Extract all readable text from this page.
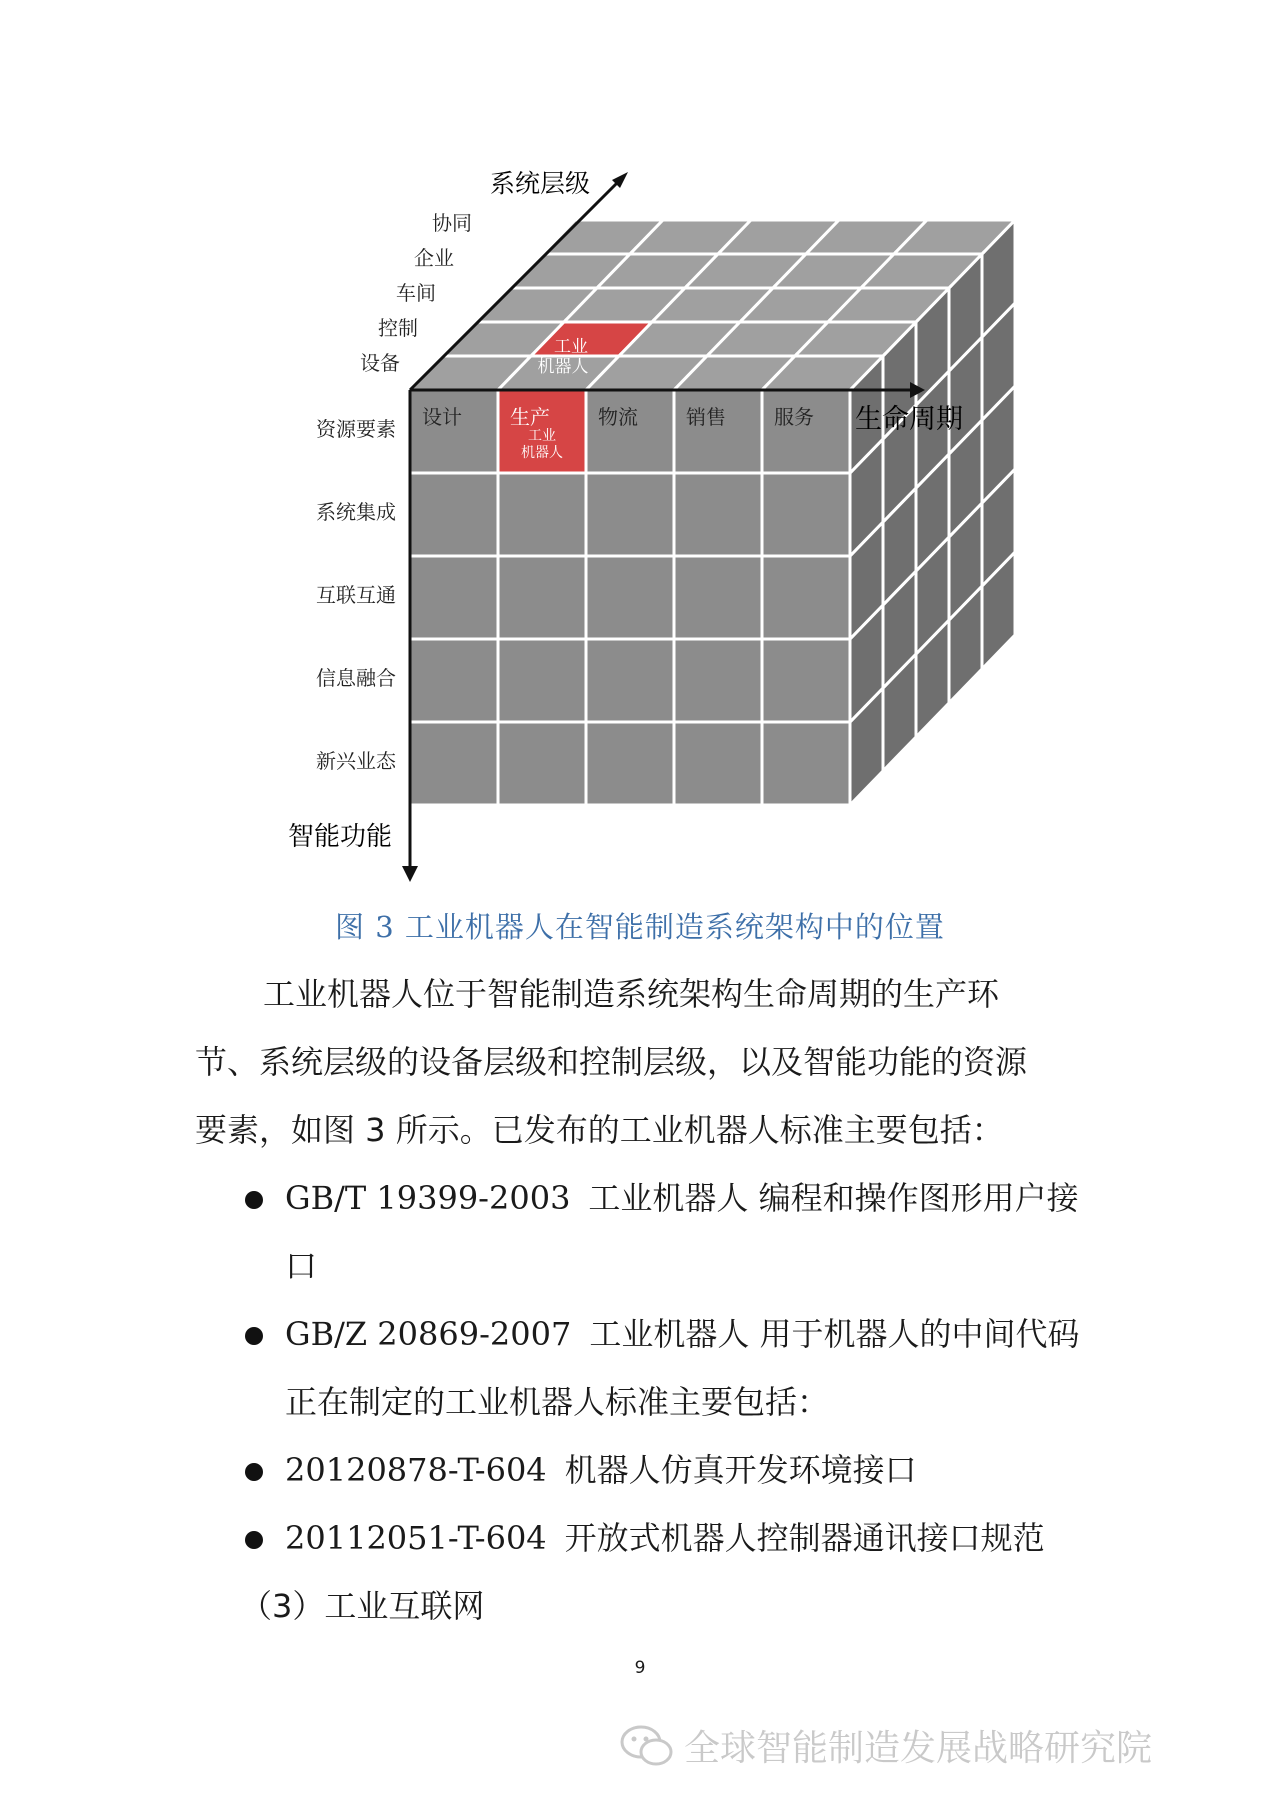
系统层级
生命周期
智能功能
设计 生产 物流 销售 服务
设备
控制
车间
企业
协同
资源要素
系统集成
互联互通
信息融合
新兴业态
工业
机器人
工业
机器人
图 3 工业机器人在智能制造系统架构中的位置
工业机器人位于智能制造系统架构生命周期的生产环
节、系统层级的设备层级和控制层级，以及智能功能的资源
要素，如图 3 所示。已发布的工业机器人标准主要包括：
GB/T 19399-2003 工业机器人 编程和操作图形用户接
口
GB/Z 20869-2007 工业机器人 用于机器人的中间代码
正在制定的工业机器人标准主要包括：
20120878-T-604 机器人仿真开发环境接口
20112051-T-604 开放式机器人控制器通讯接口规范
（3）工业互联网
9
全球智能制造发展战略研究院
